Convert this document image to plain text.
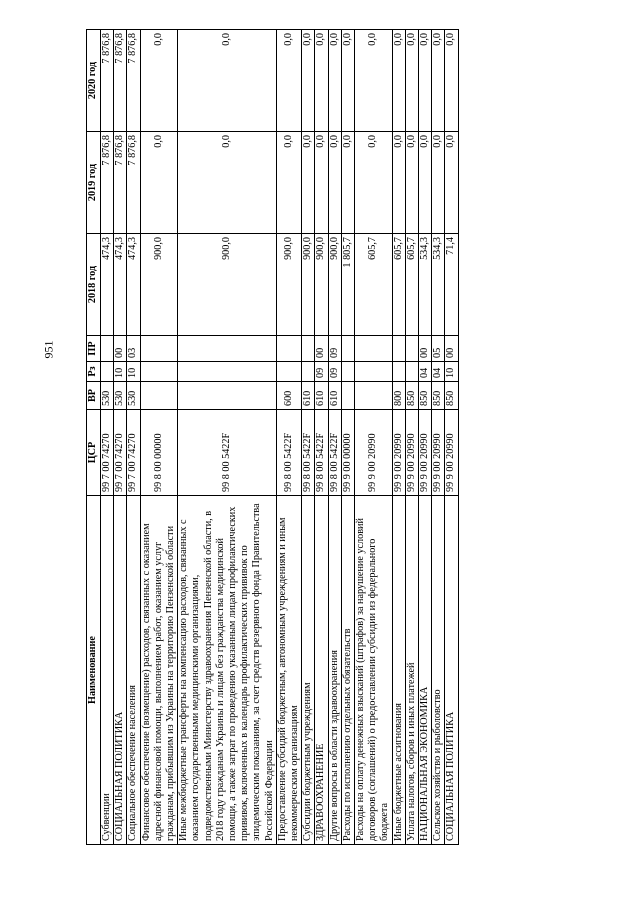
951
Наименование	ЦСР	ВР	Рз	ПР	2018 год	2019 год	2020 год
Субвенции	99 7 00 74270	530			474,3	7 876,8	7 876,8
СОЦИАЛЬНАЯ ПОЛИТИКА	99 7 00 74270	530	10	00	474,3	7 876,8	7 876,8
Социальное обеспечение населения	99 7 00 74270	530	10	03	474,3	7 876,8	7 876,8
Финансовое обеспечение (возмещение) расходов, связанных с оказанием адресной финансовой помощи, выполнением работ, оказанием услуг гражданам, прибывшим из Украины на территорию Пензенской области	99 8 00 00000				900,0	0,0	0,0
Иные межбюджетные трансферты на компенсацию расходов, связанных с оказанием государственными медицинскими организациями, подведомственными Министерству здравоохранения Пензенской области, в 2018 году гражданам Украины и лицам без гражданства медицинской помощи, а также затрат по проведению указанным лицам профилактических прививок, включенных в календарь профилактических прививок по эпидемическим показаниям, за счет средств резервного фонда Правительства Российской Федерации	99 8 00 5422F				900,0	0,0	0,0
Предоставление субсидий бюджетным, автономным учреждениям и иным некоммерческим организациям	99 8 00 5422F	600			900,0	0,0	0,0
Субсидии бюджетным учреждениям	99 8 00 5422F	610			900,0	0,0	0,0
ЗДРАВООХРАНЕНИЕ	99 8 00 5422F	610	09	00	900,0	0,0	0,0
Другие вопросы в области здравоохранения	99 8 00 5422F	610	09	09	900,0	0,0	0,0
Расходы по исполнению отдельных обязательств	99 9 00 00000				1 805,7	0,0	0,0
Расходы на оплату денежных взысканий (штрафов) за нарушение условий договоров (соглашений) о предоставлении субсидии из федерального бюджета	99 9 00 20990				605,7	0,0	0,0
Иные бюджетные ассигнования	99 9 00 20990	800			605,7	0,0	0,0
Уплата налогов, сборов и иных платежей	99 9 00 20990	850			605,7	0,0	0,0
НАЦИОНАЛЬНАЯ ЭКОНОМИКА	99 9 00 20990	850	04	00	534,3	0,0	0,0
Сельское хозяйство и рыболовство	99 9 00 20990	850	04	05	534,3	0,0	0,0
СОЦИАЛЬНАЯ ПОЛИТИКА	99 9 00 20990	850	10	00	71,4	0,0	0,0
